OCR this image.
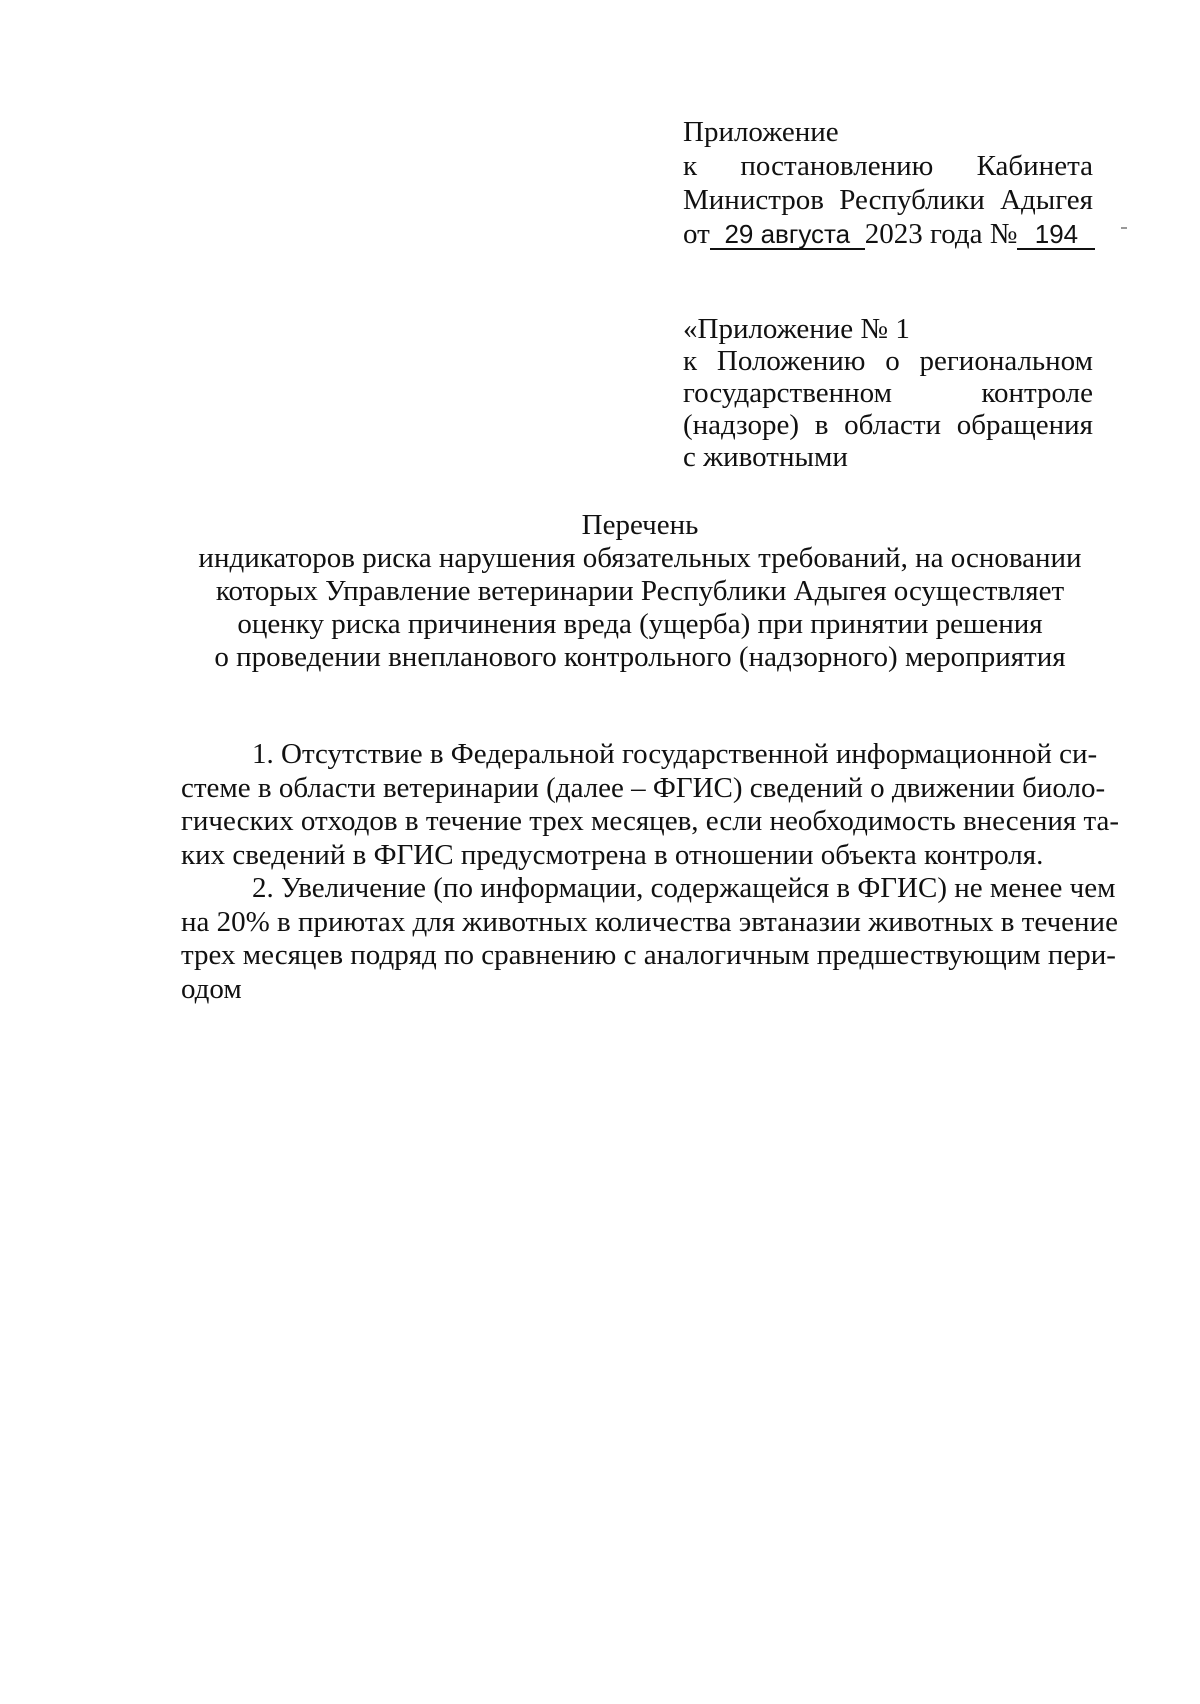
Приложение
к постановлению Кабинета
Министров Республики Адыгея
от 29 августа 2023 года № 194
«Приложение № 1
к Положению о региональном
государственном	контроле
(надзоре) в области обращения
с животными
Перечень
индикаторов риска нарушения обязательных требований, на основании
которых Управление ветеринарии Республики Адыгея осуществляет
оценку риска причинения вреда (ущерба) при принятии решения
о проведении внепланового контрольного (надзорного) мероприятия
1. Отсутствие в Федеральной государственной информационной си-
стеме в области ветеринарии (далее – ФГИС) сведений о движении биоло-
гических отходов в течение трех месяцев, если необходимость внесения та-
ких сведений в ФГИС предусмотрена в отношении объекта контроля.
2. Увеличение (по информации, содержащейся в ФГИС) не менее чем
на 20% в приютах для животных количества эвтаназии животных в течение
трех месяцев подряд по сравнению с аналогичным предшествующим пери-
одом
